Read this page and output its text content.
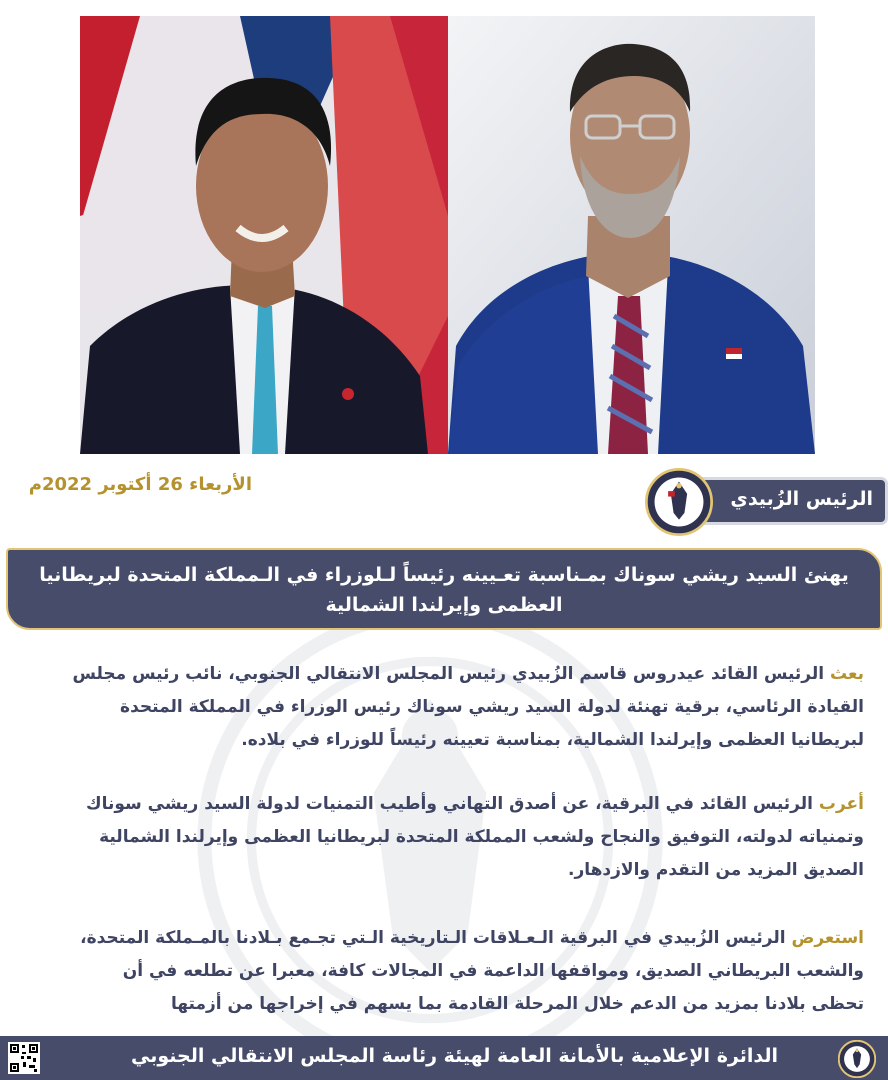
الأربعاء 26 أكتوبر 2022م
الرئيس الزُبيدي
يهنئ السيد ريشي سوناك بمـناسبة تعـيينه رئيساً لـلوزراء في الـمملكة المتحدة لبريطانيا
العظمى وإيرلندا الشمالية
بعث الرئيس القائد عيدروس قاسم الزُبيدي رئيس المجلس الانتقالي الجنوبي، نائب رئيس مجلس
القيادة الرئاسي، برقية تهنئة لدولة السيد ريشي سوناك رئيس الوزراء في المملكة المتحدة
لبريطانيا العظمى وإيرلندا الشمالية، بمناسبة تعيينه رئيساً للوزراء في بلاده.
أعرب الرئيس القائد في البرقية، عن أصدق التهاني وأطيب التمنيات لدولة السيد ريشي سوناك
وتمنياته لدولته، التوفيق والنجاح ولشعب المملكة المتحدة لبريطانيا العظمى وإيرلندا الشمالية
الصديق المزيد من التقدم والازدهار.
استعرض الرئيس الزُبيدي في البرقية الـعـلاقات الـتاريخية الـتي تجـمع بـلادنا بالمـملكة المتحدة،
والشعب البريطاني الصديق، ومواقفها الداعمة في المجالات كافة، معبرا عن تطلعه في أن
تحظى بلادنا بمزيد من الدعم خلال المرحلة القادمة بما يسهم في إخراجها من أزمتها
الدائرة الإعلامية بالأمانة العامة لهيئة رئاسة المجلس الانتقالي الجنوبي
